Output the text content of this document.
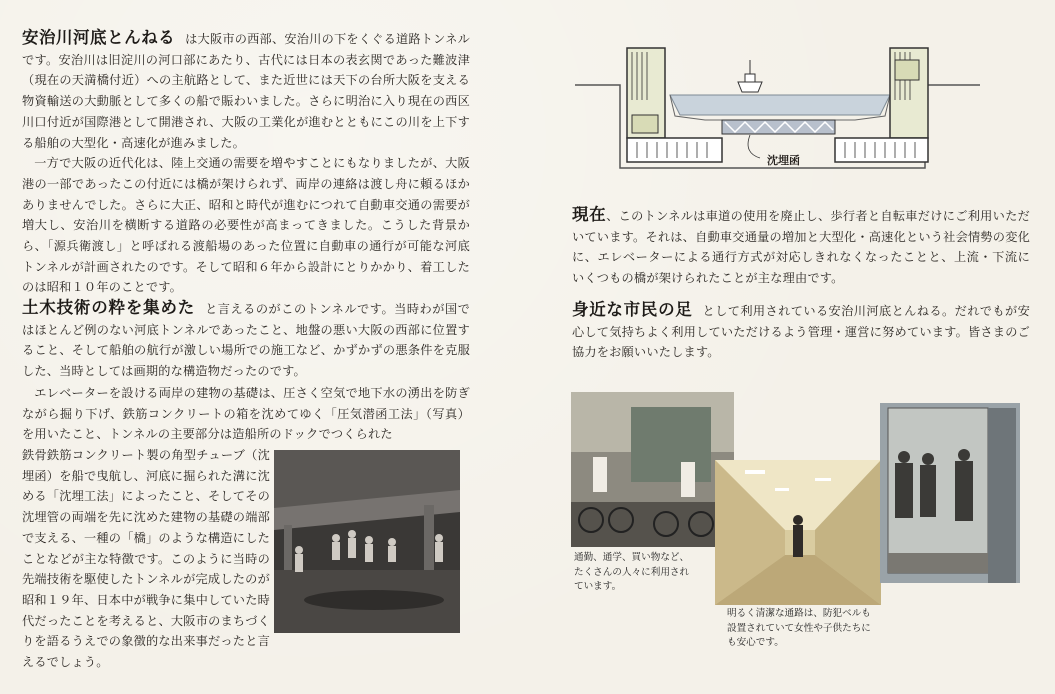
安治川河底とんねる は大阪市の西部、安治川の下をくぐる道路トンネルです。安治川は旧淀川の河口部にあたり、古代には日本の表玄関であった難波津（現在の天満橋付近）への主航路として、また近世には天下の台所大阪を支える物資輸送の大動脈として多くの船で賑わいました。さらに明治に入り現在の西区川口付近が国際港として開港され、大阪の工業化が進むとともにこの川を上下する船舶の大型化・高速化が進みました。

一方で大阪の近代化は、陸上交通の需要を増やすことにもなりましたが、大阪港の一部であったこの付近には橋が架けられず、両岸の連絡は渡し舟に頼るほかありませんでした。さらに大正、昭和と時代が進むにつれて自動車交通の需要が増大し、安治川を横断する道路の必要性が高まってきました。こうした背景から、「源兵衛渡し」と呼ばれる渡船場のあった位置に自動車の通行が可能な河底トンネルが計画されたのです。そして昭和６年から設計にとりかかり、着工したのは昭和１０年のことです。

土木技術の粋を集めた と言えるのがこのトンネルです。当時わが国ではほとんど例のない河底トンネルであったこと、地盤の悪い大阪の西部に位置すること、そして船舶の航行が激しい場所での施工など、かずかずの悪条件を克服した、当時としては画期的な構造物だったのです。

エレベーターを設ける両岸の建物の基礎は、圧さく空気で地下水の湧出を防ぎながら掘り下げ、鉄筋コンクリートの箱を沈めてゆく「圧気潜函工法」（写真）を用いたこと、トンネルの主要部分は造船所のドックでつくられた

鉄骨鉄筋コンクリート製の角型チューブ（沈埋函）を船で曳航し、河底に掘られた溝に沈める「沈埋工法」によったこと、そしてその沈埋管の両端を先に沈めた建物の基礎の端部で支える、一種の「橋」のような構造にしたことなどが主な特徴です。このように当時の先端技術を駆使したトンネルが完成したのが昭和１９年、日本中が戦争に集中していた時代だったことを考えると、大阪市のまちづくりを語るうえでの象徴的な出来事だったと言えるでしょう。

沈埋函

現在、このトンネルは車道の使用を廃止し、歩行者と自転車だけにご利用いただいています。それは、自動車交通量の増加と大型化・高速化という社会情勢の変化に、エレベーターによる通行方式が対応しきれなくなったことと、上流・下流にいくつもの橋が架けられたことが主な理由です。

身近な市民の足 として利用されている安治川河底とんねる。だれでもが安心して気持ちよく利用していただけるよう管理・運営に努めています。皆さまのご協力をお願いいたします。

通勤、通学、買い物など、たくさんの人々に利用されています。
明るく清潔な通路は、防犯ベルも設置されていて女性や子供たちにも安心です。
